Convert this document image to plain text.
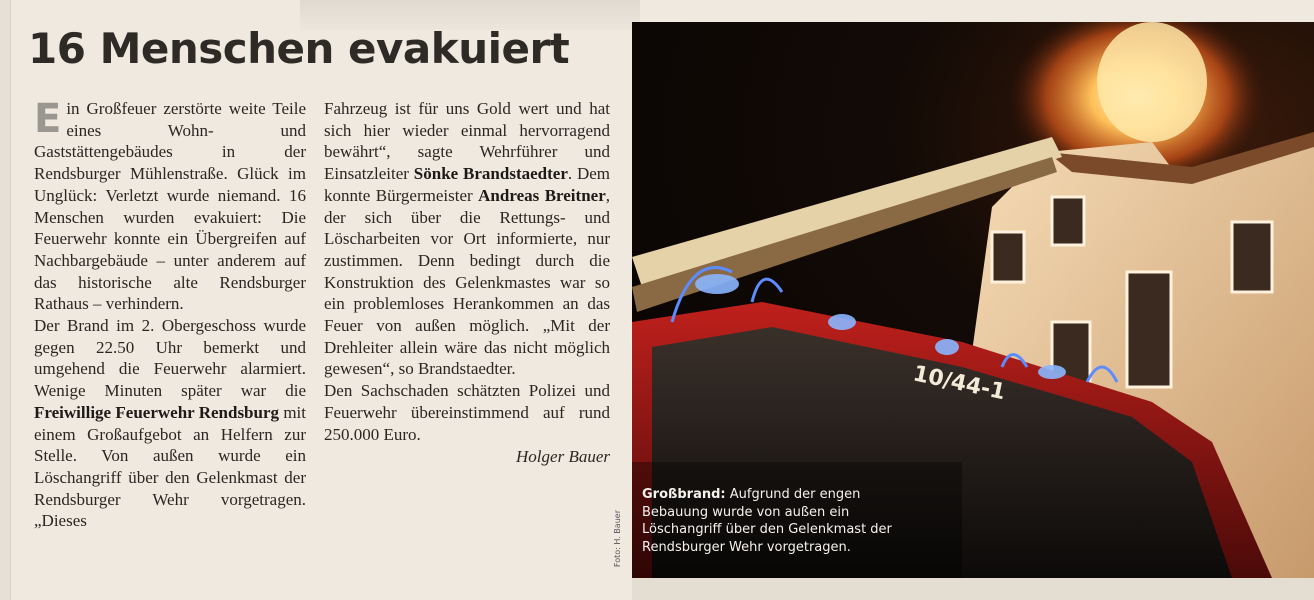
16 Menschen evakuiert

Ein Großfeuer zerstörte weite Teile eines Wohn- und Gaststättengebäudes in der Rendsburger Mühlenstraße. Glück im Unglück: Verletzt wurde niemand. 16 Menschen wurden evakuiert: Die Feuerwehr konnte ein Übergreifen auf Nachbargebäude – unter anderem auf das historische alte Rendsburger Rathaus – verhindern.

Der Brand im 2. Obergeschoss wurde gegen 22.50 Uhr bemerkt und umgehend die Feuerwehr alarmiert. Wenige Minuten später war die Freiwillige Feuerwehr Rendsburg mit einem Großaufgebot an Helfern zur Stelle. Von außen wurde ein Löschangriff über den Gelenkmast der Rendsburger Wehr vorgetragen. „Dieses

Fahrzeug ist für uns Gold wert und hat sich hier wieder einmal hervorragend bewährt“, sagte Wehrführer und Einsatzleiter Sönke Brandstaedter. Dem konnte Bürgermeister Andreas Breitner, der sich über die Rettungs- und Löscharbeiten vor Ort informierte, nur zustimmen. Denn bedingt durch die Konstruktion des Gelenkmastes war so ein problemloses Herankommen an das Feuer von außen möglich. „Mit der Drehleiter allein wäre das nicht möglich gewesen“, so Brandstaedter.

Den Sachschaden schätzten Polizei und Feuerwehr übereinstimmend auf rund 250.000 Euro.

Holger Bauer

Foto: H. Bauer
10/44-1
Großbrand: Aufgrund der engen Bebauung wurde von außen ein Löschangriff über den Gelenkmast der Rendsburger Wehr vorgetragen.
